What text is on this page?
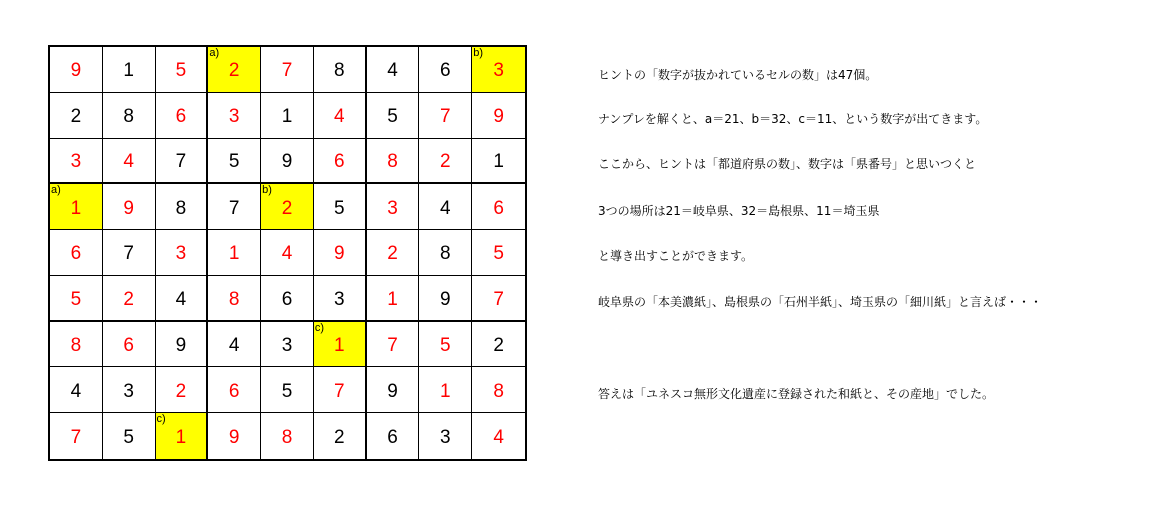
9 1 5
a)
2 7 8 4 6
b)
3
2 8 6 3 1 4 5 7 9
3 4 7 5 9 6 8 2 1
a)
1 9 8 7
b)
2 5 3 4 6
6 7 3 1 4 9 2 8 5
5 2 4 8 6 3 1 9 7
8 6 9 4 3
c)
1 7 5 2
4 3 2 6 5 7 9 1 8
7 5
c)
1 9 8 2 6 3 4
ヒントの「数字が抜かれているセルの数」は47個。
ナンプレを解くと、a＝21、b＝32、c＝11、という数字が出てきます。
ここから、ヒントは「都道府県の数」、数字は「県番号」と思いつくと
3つの場所は21＝岐阜県、32＝島根県、11＝埼玉県
と導き出すことができます。
岐阜県の「本美濃紙」、島根県の「石州半紙」、埼玉県の「細川紙」と言えば・・・
答えは「ユネスコ無形文化遺産に登録された和紙と、その産地」でした。
